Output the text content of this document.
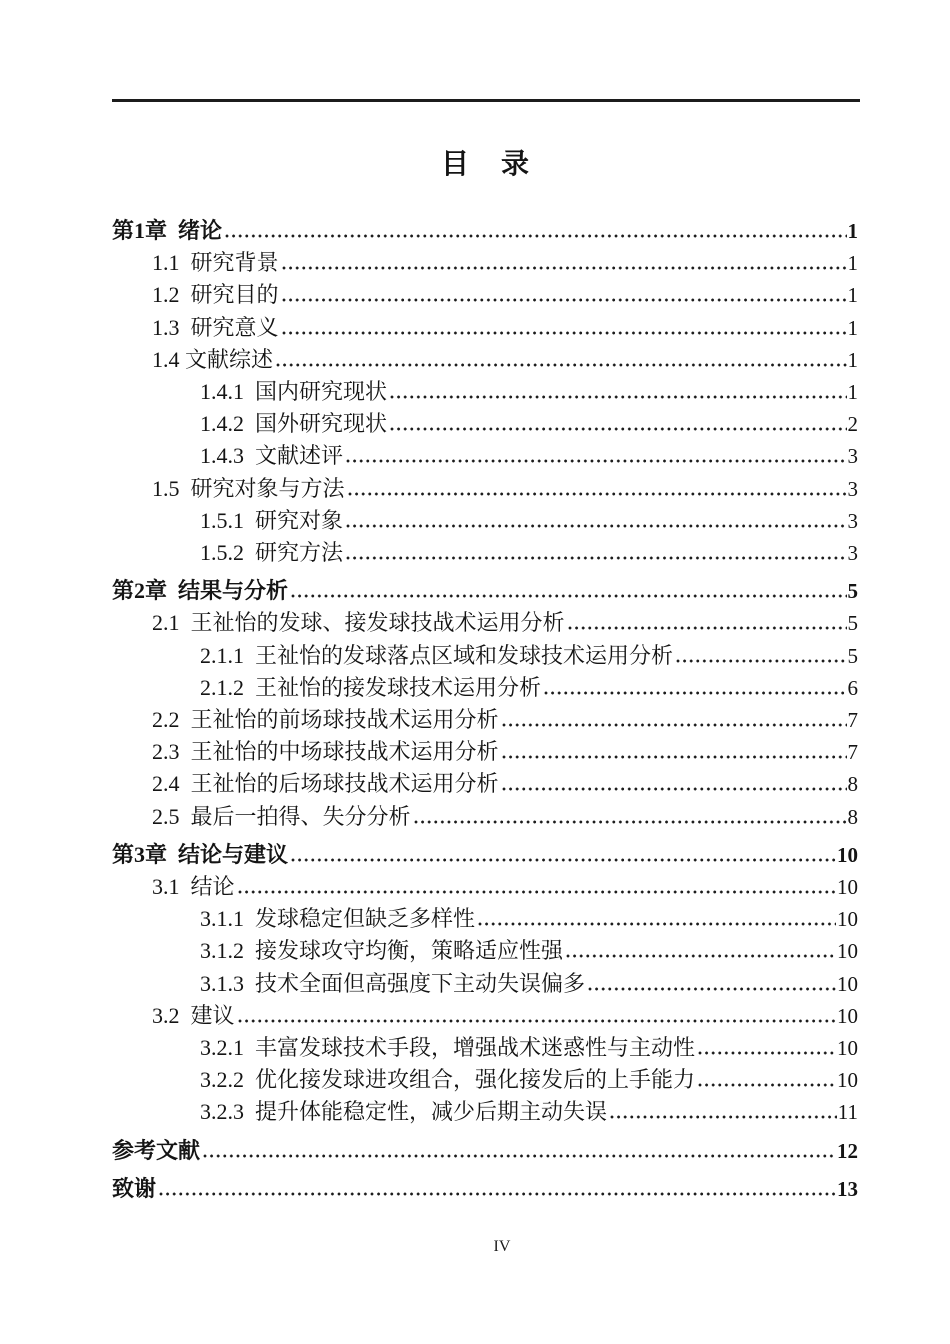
目　录
第1章  绪论	1
1.1  研究背景	1
1.2  研究目的	1
1.3  研究意义	1
1.4 文献综述	1
1.4.1  国内研究现状	1
1.4.2  国外研究现状	2
1.4.3  文献述评	3
1.5  研究对象与方法	3
1.5.1  研究对象	3
1.5.2  研究方法	3
第2章  结果与分析	5
2.1  王祉怡的发球、接发球技战术运用分析	5
2.1.1  王祉怡的发球落点区域和发球技术运用分析	5
2.1.2  王祉怡的接发球技术运用分析	6
2.2  王祉怡的前场球技战术运用分析	7
2.3  王祉怡的中场球技战术运用分析	7
2.4  王祉怡的后场球技战术运用分析	8
2.5  最后一拍得、失分分析	8
第3章  结论与建议	10
3.1  结论	10
3.1.1  发球稳定但缺乏多样性	10
3.1.2  接发球攻守均衡，策略适应性强	10
3.1.3  技术全面但高强度下主动失误偏多	10
3.2  建议	10
3.2.1  丰富发球技术手段，增强战术迷惑性与主动性	10
3.2.2  优化接发球进攻组合，强化接发后的上手能力	10
3.2.3  提升体能稳定性，减少后期主动失误	11
参考文献	12
致谢	13
IV
